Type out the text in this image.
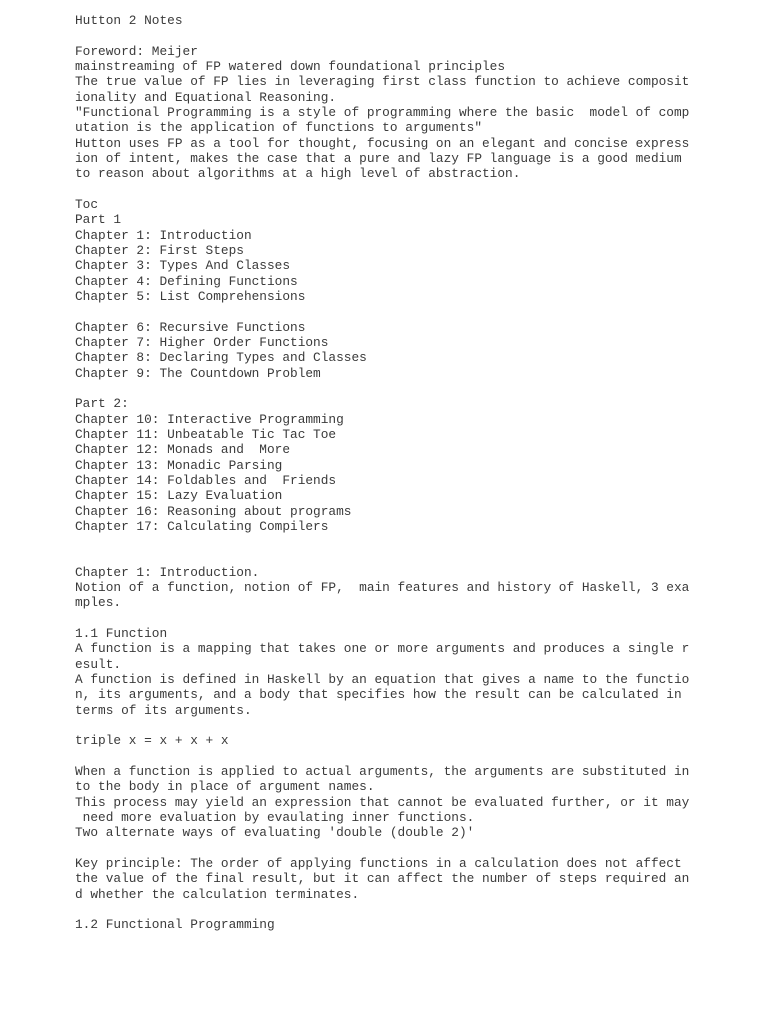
Hutton 2 Notes
Foreword: Meijer
mainstreaming of FP watered down foundational principles
The true value of FP lies in leveraging first class function to achieve composit
ionality and Equational Reasoning.
"Functional Programming is a style of programming where the basic  model of comp
utation is the application of functions to arguments"
Hutton uses FP as a tool for thought, focusing on an elegant and concise express
ion of intent, makes the case that a pure and lazy FP language is a good medium
to reason about algorithms at a high level of abstraction.
Toc
Part 1
Chapter 1: Introduction
Chapter 2: First Steps
Chapter 3: Types And Classes
Chapter 4: Defining Functions
Chapter 5: List Comprehensions
Chapter 6: Recursive Functions
Chapter 7: Higher Order Functions
Chapter 8: Declaring Types and Classes
Chapter 9: The Countdown Problem
Part 2:
Chapter 10: Interactive Programming
Chapter 11: Unbeatable Tic Tac Toe
Chapter 12: Monads and  More
Chapter 13: Monadic Parsing
Chapter 14: Foldables and  Friends
Chapter 15: Lazy Evaluation
Chapter 16: Reasoning about programs
Chapter 17: Calculating Compilers
Chapter 1: Introduction.
Notion of a function, notion of FP,  main features and history of Haskell, 3 exa
mples.
1.1 Function
A function is a mapping that takes one or more arguments and produces a single r
esult.
A function is defined in Haskell by an equation that gives a name to the functio
n, its arguments, and a body that specifies how the result can be calculated in
terms of its arguments.
triple x = x + x + x
When a function is applied to actual arguments, the arguments are substituted in
to the body in place of argument names.
This process may yield an expression that cannot be evaluated further, or it may
need more evaluation by evaulating inner functions.
Two alternate ways of evaluating 'double (double 2)'
Key principle: The order of applying functions in a calculation does not affect
the value of the final result, but it can affect the number of steps required an
d whether the calculation terminates.
1.2 Functional Programming
